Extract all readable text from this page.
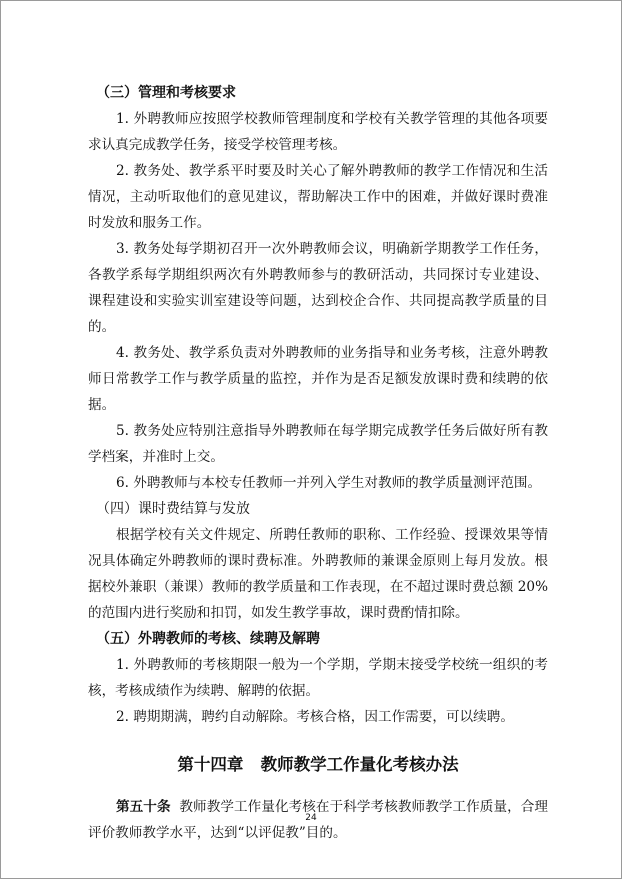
（三）管理和考核要求

1. 外聘教师应按照学校教师管理制度和学校有关教学管理的其他各项要求认真完成教学任务，接受学校管理考核。

2. 教务处、教学系平时要及时关心了解外聘教师的教学工作情况和生活情况，主动听取他们的意见建议，帮助解决工作中的困难，并做好课时费准时发放和服务工作。

3. 教务处每学期初召开一次外聘教师会议，明确新学期教学工作任务，各教学系每学期组织两次有外聘教师参与的教研活动，共同探讨专业建设、课程建设和实验实训室建设等问题，达到校企合作、共同提高教学质量的目的。

4. 教务处、教学系负责对外聘教师的业务指导和业务考核，注意外聘教师日常教学工作与教学质量的监控，并作为是否足额发放课时费和续聘的依据。

5. 教务处应特别注意指导外聘教师在每学期完成教学任务后做好所有教学档案，并准时上交。

6. 外聘教师与本校专任教师一并列入学生对教师的教学质量测评范围。

（四）课时费结算与发放

根据学校有关文件规定、所聘任教师的职称、工作经验、授课效果等情况具体确定外聘教师的课时费标准。外聘教师的兼课金原则上每月发放。根据校外兼职（兼课）教师的教学质量和工作表现，在不超过课时费总额 20%的范围内进行奖励和扣罚，如发生教学事故，课时费酌情扣除。

（五）外聘教师的考核、续聘及解聘

1. 外聘教师的考核期限一般为一个学期，学期末接受学校统一组织的考核，考核成绩作为续聘、解聘的依据。

2. 聘期期满，聘约自动解除。考核合格，因工作需要，可以续聘。

第十四章   教师教学工作量化考核办法

第五十条 教师教学工作量化考核在于科学考核教师教学工作质量，合理评价教师教学水平，达到“以评促教”目的。

24
